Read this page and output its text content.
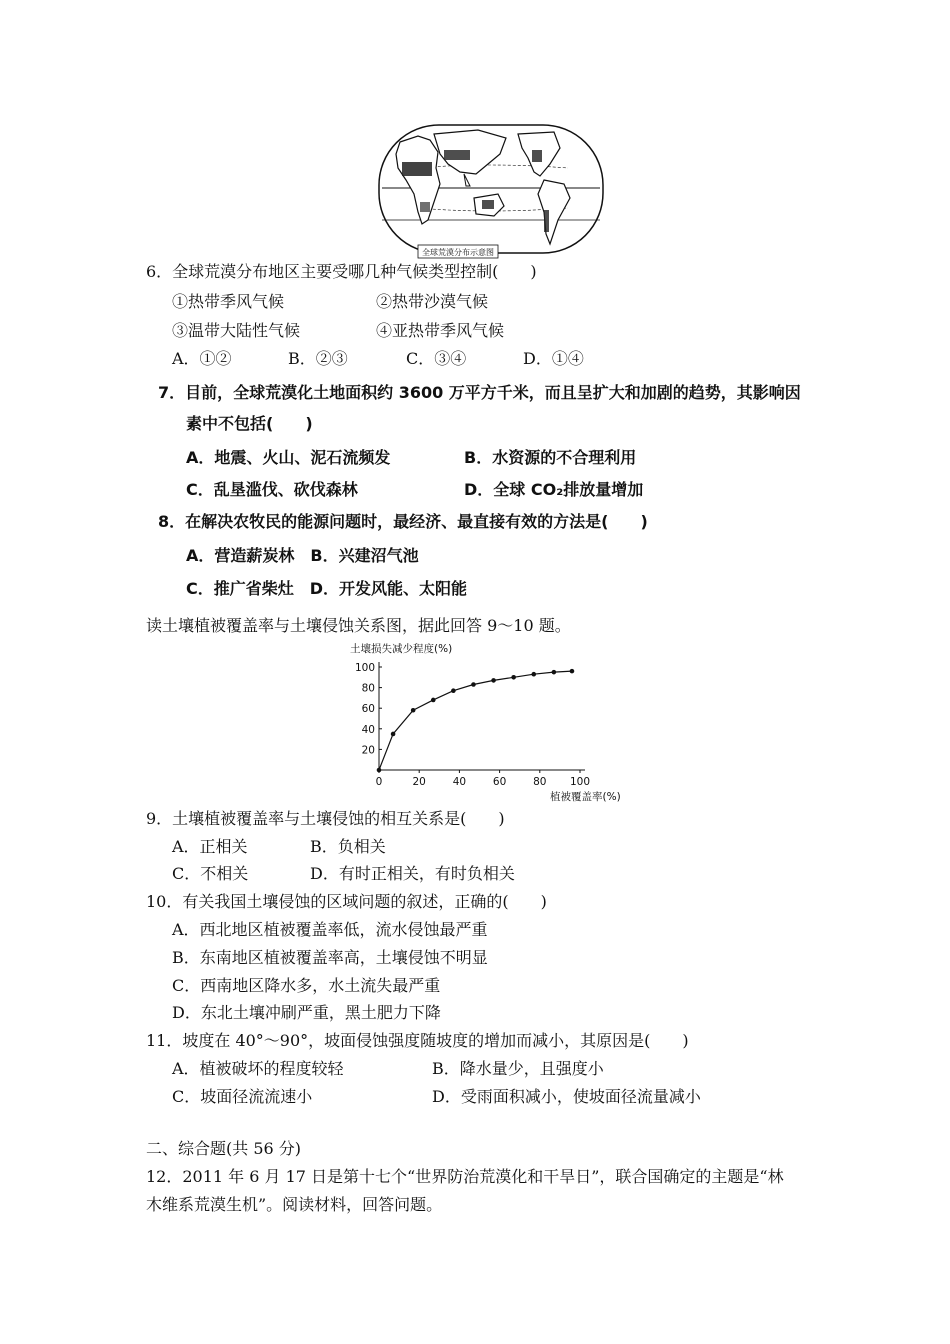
全球荒漠分布示意图
6．全球荒漠分布地区主要受哪几种气候类型控制(　　)
①热带季风气候	②热带沙漠气候
③温带大陆性气候	④亚热带季风气候
A．①②	B．②③	C．③④	D．①④
7．目前，全球荒漠化土地面积约 3600 万平方千米，而且呈扩大和加剧的趋势，其影响因
素中不包括(　　)
A．地震、火山、泥石流频发	B．水资源的不合理利用
C．乱垦滥伐、砍伐森林	D．全球 CO₂排放量增加
8．在解决农牧民的能源问题时，最经济、最直接有效的方法是(　　)
A．营造薪炭林　B．兴建沼气池
C．推广省柴灶　D．开发风能、太阳能
读土壤植被覆盖率与土壤侵蚀关系图，据此回答 9～10 题。
土壤损失减少程度(%)
植被覆盖率(%)
0	20	40	60	80 100
20
40
60
80
100
9．土壤植被覆盖率与土壤侵蚀的相互关系是(　　)
A．正相关	B．负相关
C．不相关	D．有时正相关，有时负相关
10．有关我国土壤侵蚀的区域问题的叙述，正确的(　　)
A．西北地区植被覆盖率低，流水侵蚀最严重
B．东南地区植被覆盖率高，土壤侵蚀不明显
C．西南地区降水多，水土流失最严重
D．东北土壤冲刷严重，黑土肥力下降
11．坡度在 40°～90°，坡面侵蚀强度随坡度的增加而减小，其原因是(　　)
A．植被破坏的程度较轻	B．降水量少，且强度小
C．坡面径流流速小	D．受雨面积减小，使坡面径流量减小
二、综合题(共 56 分)
12．2011 年 6 月 17 日是第十七个“世界防治荒漠化和干旱日”，联合国确定的主题是“林
木维系荒漠生机”。阅读材料，回答问题。
